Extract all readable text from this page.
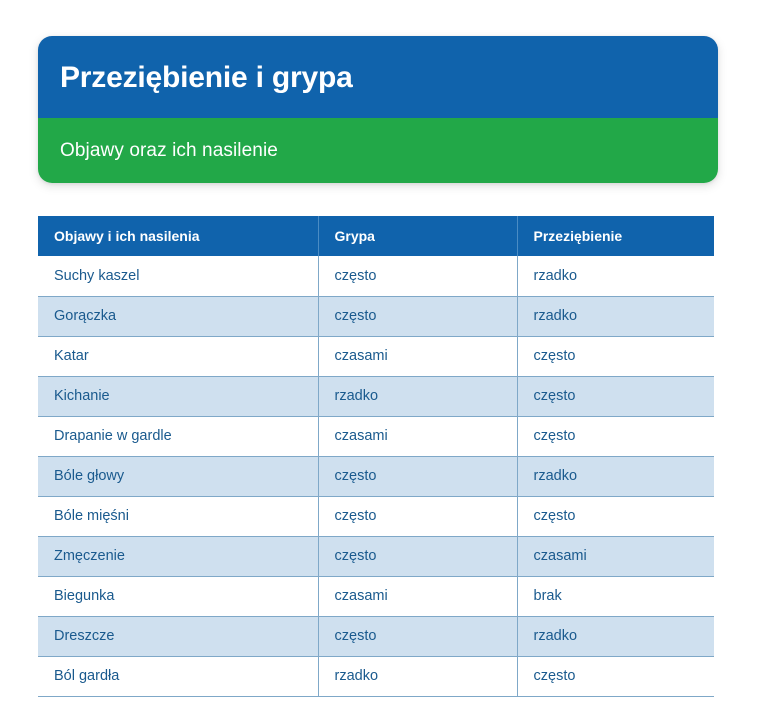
Przeziębienie i grypa
Objawy oraz ich nasilenie
Objawy i ich nasilenia	Grypa	Przeziębienie
Suchy kaszel	często	rzadko
Gorączka	często	rzadko
Katar	czasami	często
Kichanie	rzadko	często
Drapanie w gardle	czasami	często
Bóle głowy	często	rzadko
Bóle mięśni	często	często
Zmęczenie	często	czasami
Biegunka	czasami	brak
Dreszcze	często	rzadko
Ból gardła	rzadko	często
